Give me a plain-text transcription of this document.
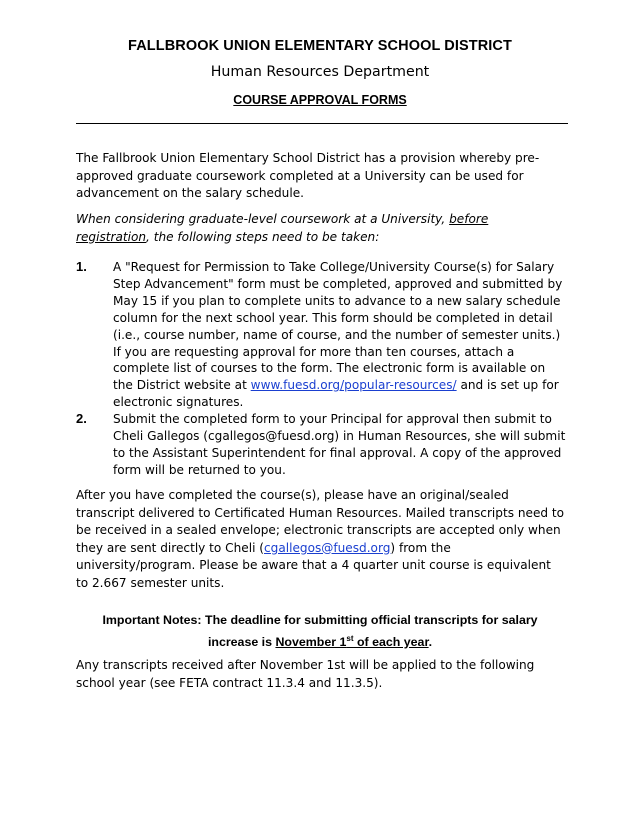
FALLBROOK UNION ELEMENTARY SCHOOL DISTRICT
Human Resources Department
COURSE APPROVAL FORMS

The Fallbrook Union Elementary School District has a provision whereby pre-approved graduate coursework completed at a University can be used for advancement on the salary schedule.

When considering graduate-level coursework at a University, before registration, the following steps need to be taken:

1. A "Request for Permission to Take College/University Course(s) for Salary Step Advancement" form must be completed, approved and submitted by May 15 if you plan to complete units to advance to a new salary schedule column for the next school year. This form should be completed in detail (i.e., course number, name of course, and the number of semester units.) If you are requesting approval for more than ten courses, attach a complete list of courses to the form. The electronic form is available on the District website at www.fuesd.org/popular-resources/ and is set up for electronic signatures.

2. Submit the completed form to your Principal for approval then submit to Cheli Gallegos (cgallegos@fuesd.org) in Human Resources, she will submit to the Assistant Superintendent for final approval. A copy of the approved form will be returned to you.

After you have completed the course(s), please have an original/sealed transcript delivered to Certificated Human Resources. Mailed transcripts need to be received in a sealed envelope; electronic transcripts are accepted only when they are sent directly to Cheli (cgallegos@fuesd.org) from the university/program. Please be aware that a 4 quarter unit course is equivalent to 2.667 semester units.

Important Notes: The deadline for submitting official transcripts for salary increase is November 1st of each year.

Any transcripts received after November 1st will be applied to the following school year (see FETA contract 11.3.4 and 11.3.5).
